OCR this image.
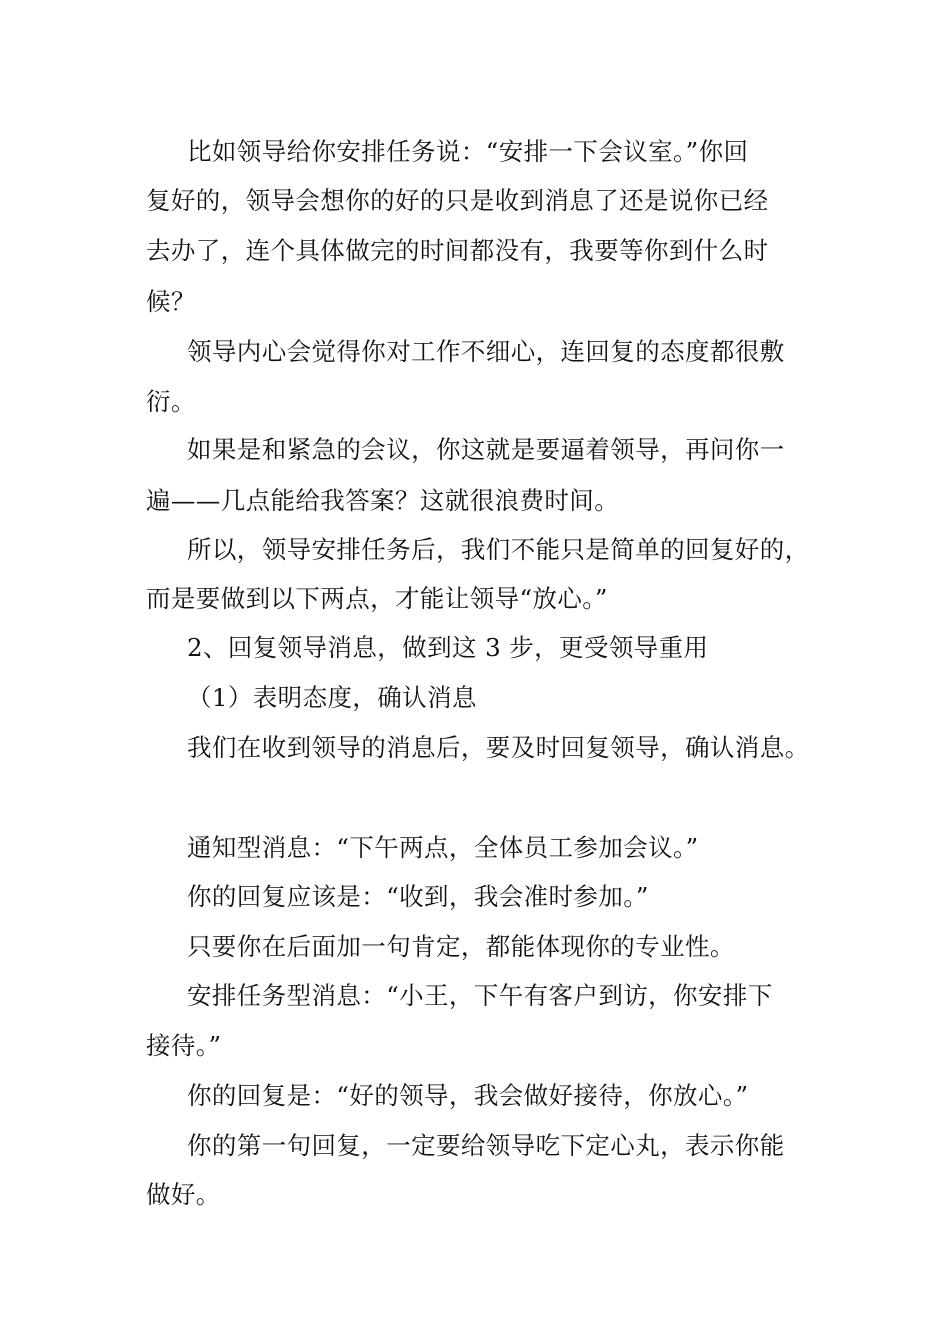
比如领导给你安排任务说：“安排一下会议室。”你回
复好的，领导会想你的好的只是收到消息了还是说你已经
去办了，连个具体做完的时间都没有，我要等你到什么时
候？
领导内心会觉得你对工作不细心，连回复的态度都很敷
衍。
如果是和紧急的会议，你这就是要逼着领导，再问你一
遍——几点能给我答案？这就很浪费时间。
所以，领导安排任务后，我们不能只是简单的回复好的，
而是要做到以下两点，才能让领导“放心。”
2、回复领导消息，做到这 3 步，更受领导重用
（1）表明态度，确认消息
我们在收到领导的消息后，要及时回复领导，确认消息。
通知型消息：“下午两点，全体员工参加会议。”
你的回复应该是：“收到，我会准时参加。”
只要你在后面加一句肯定，都能体现你的专业性。
安排任务型消息：“小王，下午有客户到访，你安排下
接待。”
你的回复是：“好的领导，我会做好接待，你放心。”
你的第一句回复，一定要给领导吃下定心丸，表示你能
做好。
